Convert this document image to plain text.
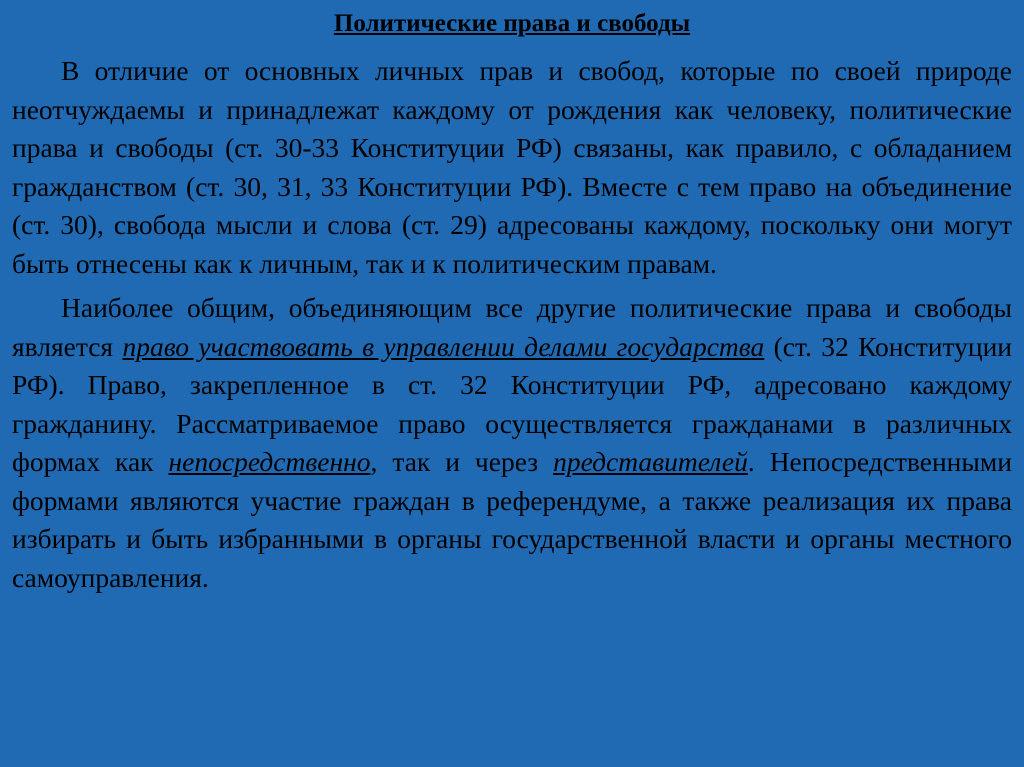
Политические права и свободы

В отличие от основных личных прав и свобод, которые по своей природе неотчуждаемы и принадлежат каждому от рождения как человеку, политические права и свободы (ст. 30-33 Конституции РФ) связаны, как правило, с обладанием гражданством (ст. 30, 31, 33 Конституции РФ). Вместе с тем право на объединение (ст. 30), свобода мысли и слова (ст. 29) адресованы каждому, поскольку они могут быть отнесены как к личным, так и к политическим правам.

Наиболее общим, объединяющим все другие политические права и свободы является право участвовать в управлении делами государства (ст. 32 Конституции РФ). Право, закрепленное в ст. 32 Конституции РФ, адресовано каждому гражданину. Рассматриваемое право осуществляется гражданами в различных формах как непосредственно, так и через представителей. Непосредственными формами являются участие граждан в референдуме, а также реализация их права избирать и быть избранными в органы государственной власти и органы местного самоуправления.
